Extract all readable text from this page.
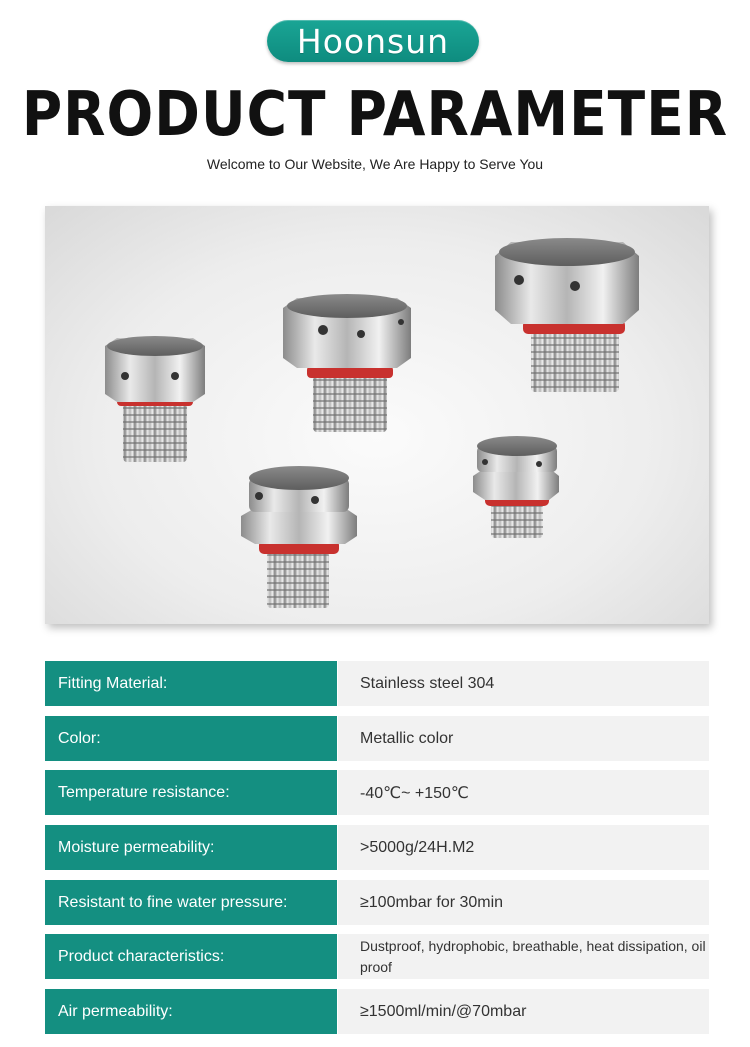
Hoonsun
PRODUCT PARAMETER
Welcome to Our Website, We Are Happy to Serve You
Fitting Material:	Stainless steel 304
Color:	Metallic color
Temperature resistance:	-40℃~ +150℃
Moisture permeability:	>5000g/24H.M2
Resistant to fine water pressure:	≥100mbar for 30min
Product characteristics:
Dustproof, hydrophobic, breathable, heat dissipation, oil proof
Air permeability:	≥1500ml/min/@70mbar
